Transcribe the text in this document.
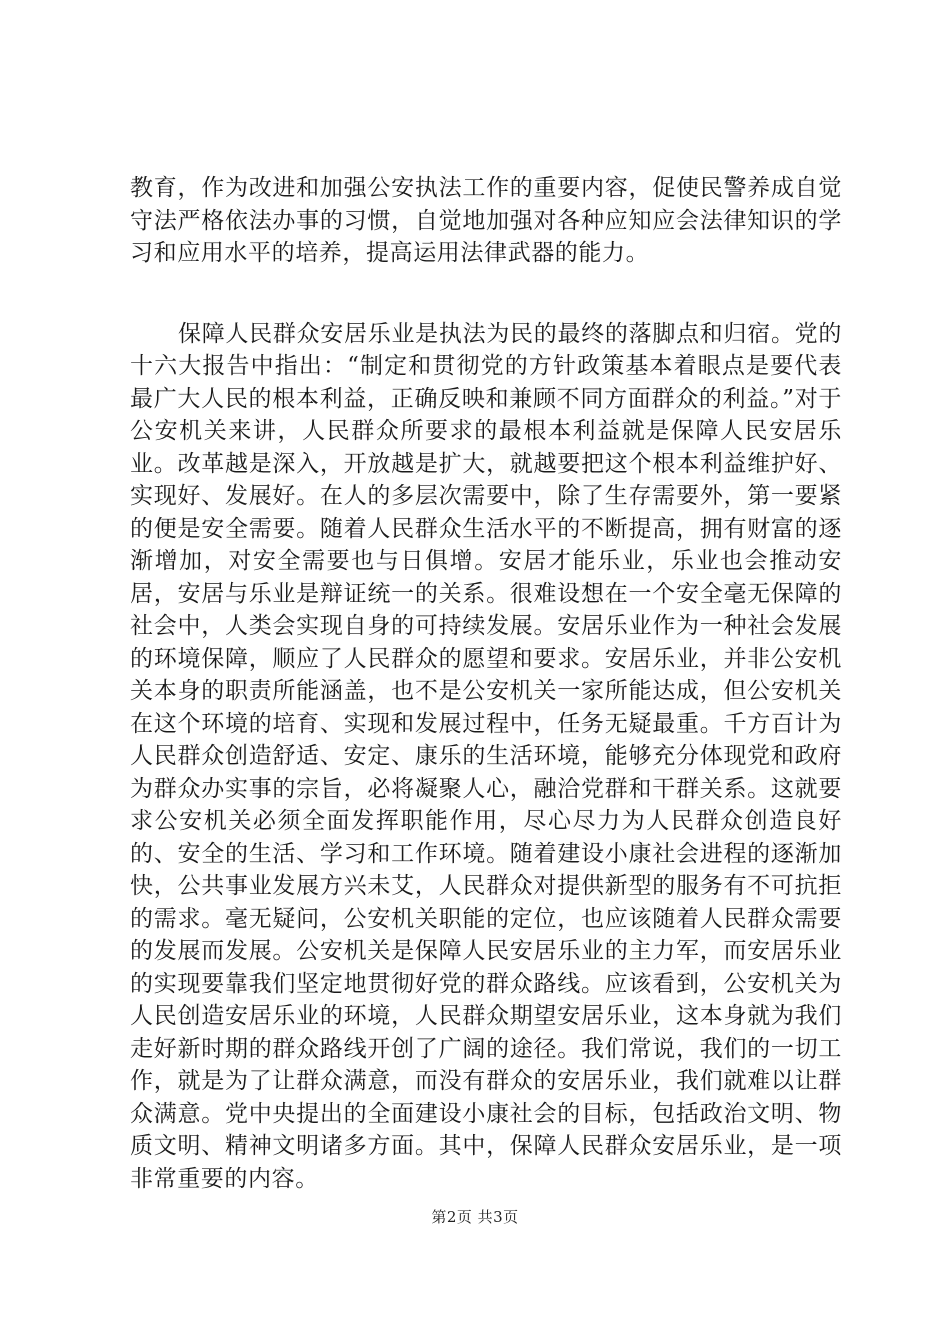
教育，作为改进和加强公安执法工作的重要内容，促使民警养成自觉守法严格依法办事的习惯，自觉地加强对各种应知应会法律知识的学习和应用水平的培养，提高运用法律武器的能力。

保障人民群众安居乐业是执法为民的最终的落脚点和归宿。党的十六大报告中指出：“制定和贯彻党的方针政策基本着眼点是要代表最广大人民的根本利益，正确反映和兼顾不同方面群众的利益。”对于公安机关来讲，人民群众所要求的最根本利益就是保障人民安居乐业。改革越是深入，开放越是扩大，就越要把这个根本利益维护好、实现好、发展好。在人的多层次需要中，除了生存需要外，第一要紧的便是安全需要。随着人民群众生活水平的不断提高，拥有财富的逐渐增加，对安全需要也与日俱增。安居才能乐业，乐业也会推动安居，安居与乐业是辩证统一的关系。很难设想在一个安全毫无保障的社会中，人类会实现自身的可持续发展。安居乐业作为一种社会发展的环境保障，顺应了人民群众的愿望和要求。安居乐业，并非公安机关本身的职责所能涵盖，也不是公安机关一家所能达成，但公安机关在这个环境的培育、实现和发展过程中，任务无疑最重。千方百计为人民群众创造舒适、安定、康乐的生活环境，能够充分体现党和政府为群众办实事的宗旨，必将凝聚人心，融洽党群和干群关系。这就要求公安机关必须全面发挥职能作用，尽心尽力为人民群众创造良好的、安全的生活、学习和工作环境。随着建设小康社会进程的逐渐加快，公共事业发展方兴未艾，人民群众对提供新型的服务有不可抗拒的需求。毫无疑问，公安机关职能的定位，也应该随着人民群众需要的发展而发展。公安机关是保障人民安居乐业的主力军，而安居乐业的实现要靠我们坚定地贯彻好党的群众路线。应该看到，公安机关为人民创造安居乐业的环境，人民群众期望安居乐业，这本身就为我们走好新时期的群众路线开创了广阔的途径。我们常说，我们的一切工作，就是为了让群众满意，而没有群众的安居乐业，我们就难以让群众满意。党中央提出的全面建设小康社会的目标，包括政治文明、物质文明、精神文明诸多方面。其中，保障人民群众安居乐业，是一项非常重要的内容。

第2页 共3页
